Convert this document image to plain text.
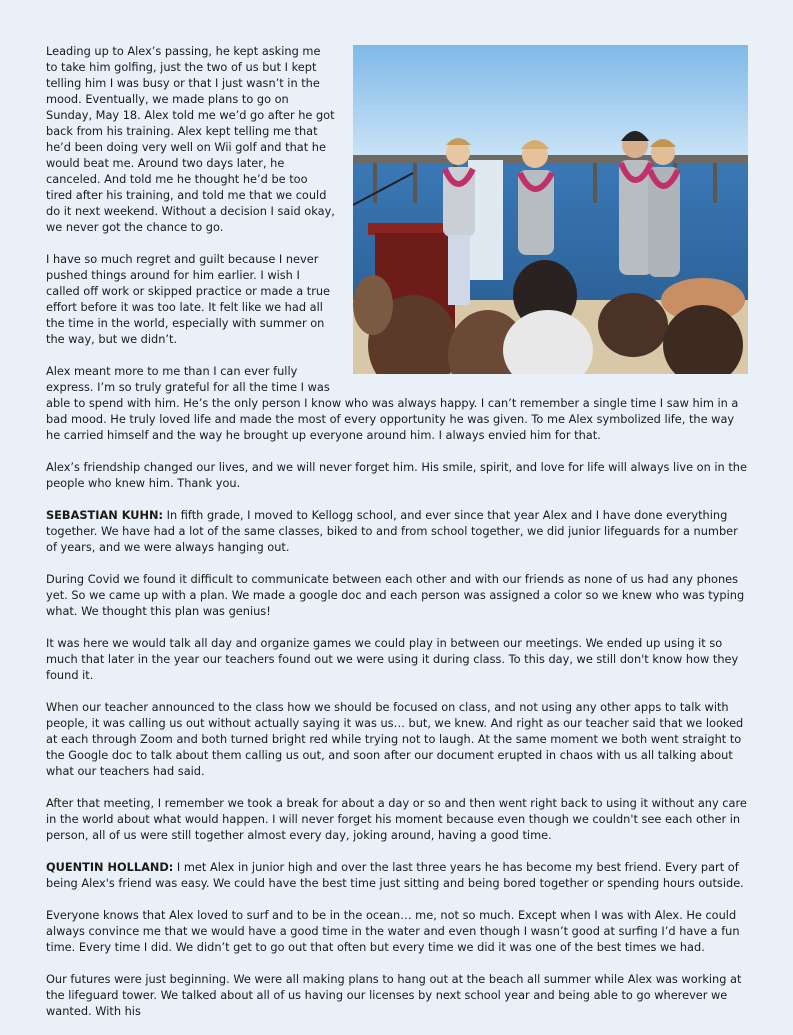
Leading up to Alex’s passing, he kept asking me to take him golfing, just the two of us but I kept telling him I was busy or that I just wasn’t in the mood. Eventually, we made plans to go on Sunday, May 18. Alex told me we’d go after he got back from his training. Alex kept telling me that he’d been doing very well on Wii golf and that he would beat me. Around two days later, he canceled. And told me he thought he’d be too tired after his training, and told me that we could do it next weekend. Without a decision I said okay, we never got the chance to go.

I have so much regret and guilt because I never pushed things around for him earlier. I wish I called off work or skipped practice or made a true effort before it was too late. It felt like we had all the time in the world, especially with summer on the way, but we didn’t.

Alex meant more to me than I can ever fully express. I’m so truly grateful for all the time I was able to spend with him. He’s the only person I know who was always happy. I can’t remember a single time I saw him in a bad mood. He truly loved life and made the most of every opportunity he was given. To me Alex symbolized life, the way he carried himself and the way he brought up everyone around him. I always envied him for that.

Alex’s friendship changed our lives, and we will never forget him. His smile, spirit, and love for life will always live on in the people who knew him. Thank you.

SEBASTIAN KUHN: In fifth grade, I moved to Kellogg school, and ever since that year Alex and I have done everything together. We have had a lot of the same classes, biked to and from school together, we did junior lifeguards for a number of years, and we were always hanging out.

During Covid we found it difficult to communicate between each other and with our friends as none of us had any phones yet. So we came up with a plan. We made a google doc and each person was assigned a color so we knew who was typing what. We thought this plan was genius!

It was here we would talk all day and organize games we could play in between our meetings. We ended up using it so much that later in the year our teachers found out we were using it during class. To this day, we still don't know how they found it.

When our teacher announced to the class how we should be focused on class, and not using any other apps to talk with people, it was calling us out without actually saying it was us… but, we knew. And right as our teacher said that we looked at each through Zoom and both turned bright red while trying not to laugh. At the same moment we both went straight to the Google doc to talk about them calling us out, and soon after our document erupted in chaos with us all talking about what our teachers had said.

After that meeting, I remember we took a break for about a day or so and then went right back to using it without any care in the world about what would happen. I will never forget his moment because even though we couldn't see each other in person, all of us were still together almost every day, joking around, having a good time.

QUENTIN HOLLAND: I met Alex in junior high and over the last three years he has become my best friend. Every part of being Alex's friend was easy. We could have the best time just sitting and being bored together or spending hours outside.

Everyone knows that Alex loved to surf and to be in the ocean… me, not so much. Except when I was with Alex. He could always convince me that we would have a good time in the water and even though I wasn’t good at surfing I’d have a fun time. Every time I did. We didn’t get to go out that often but every time we did it was one of the best times we had.

Our futures were just beginning. We were all making plans to hang out at the beach all summer while Alex was working at the lifeguard tower. We talked about all of us having our licenses by next school year and being able to go wherever we wanted. With his
